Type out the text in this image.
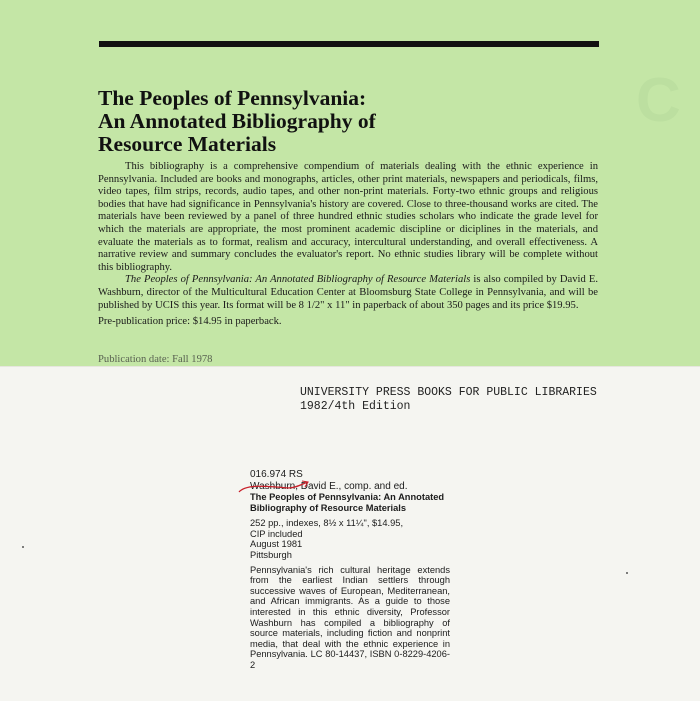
C
The Peoples of Pennsylvania:
An Annotated Bibliography of
Resource Materials

This bibliography is a comprehensive compendium of materials dealing with the ethnic experience in Pennsylvania. Included are books and monographs, articles, other print materials, newspapers and periodicals, films, video tapes, film strips, records, audio tapes, and other non-print materials. Forty-two ethnic groups and religious bodies that have had significance in Pennsylvania's history are covered. Close to three-thousand works are cited. The materials have been reviewed by a panel of three hundred ethnic studies scholars who indicate the grade level for which the materials are appropriate, the most prominent academic discipline or diciplines in the materials, and evaluate the materials as to format, realism and accuracy, intercultural understanding, and overall effectiveness. A narrative review and summary concludes the evaluator's report. No ethnic studies library will be complete without this bibliography.

The Peoples of Pennsylvania: An Annotated Bibliography of Resource Materials is also compiled by David E. Washburn, director of the Multicultural Education Center at Bloomsburg State College in Pennsylvania, and will be published by UCIS this year. Its format will be 8 1/2" x 11" in paperback of about 350 pages and its price $19.95.

Pre-publication price: $14.95 in paperback.

Publication date: Fall 1978
UNIVERSITY PRESS BOOKS FOR PUBLIC LIBRARIES
1982/4th Edition
016.974 RS
Washburn, David E., comp. and ed.
The Peoples of Pennsylvania: An Annotated Bibliography of Resource Materials
252 pp., indexes, 8½ x 11¼", $14.95,
CIP included
August 1981
Pittsburgh
Pennsylvania's rich cultural heritage extends from the earliest Indian settlers through successive waves of European, Mediterranean, and African immigrants. As a guide to those interested in this ethnic diversity, Professor Washburn has compiled a bibliography of source materials, including fiction and nonprint media, that deal with the ethnic experience in Pennsylvania. LC 80-14437, ISBN 0-8229-4206-2
